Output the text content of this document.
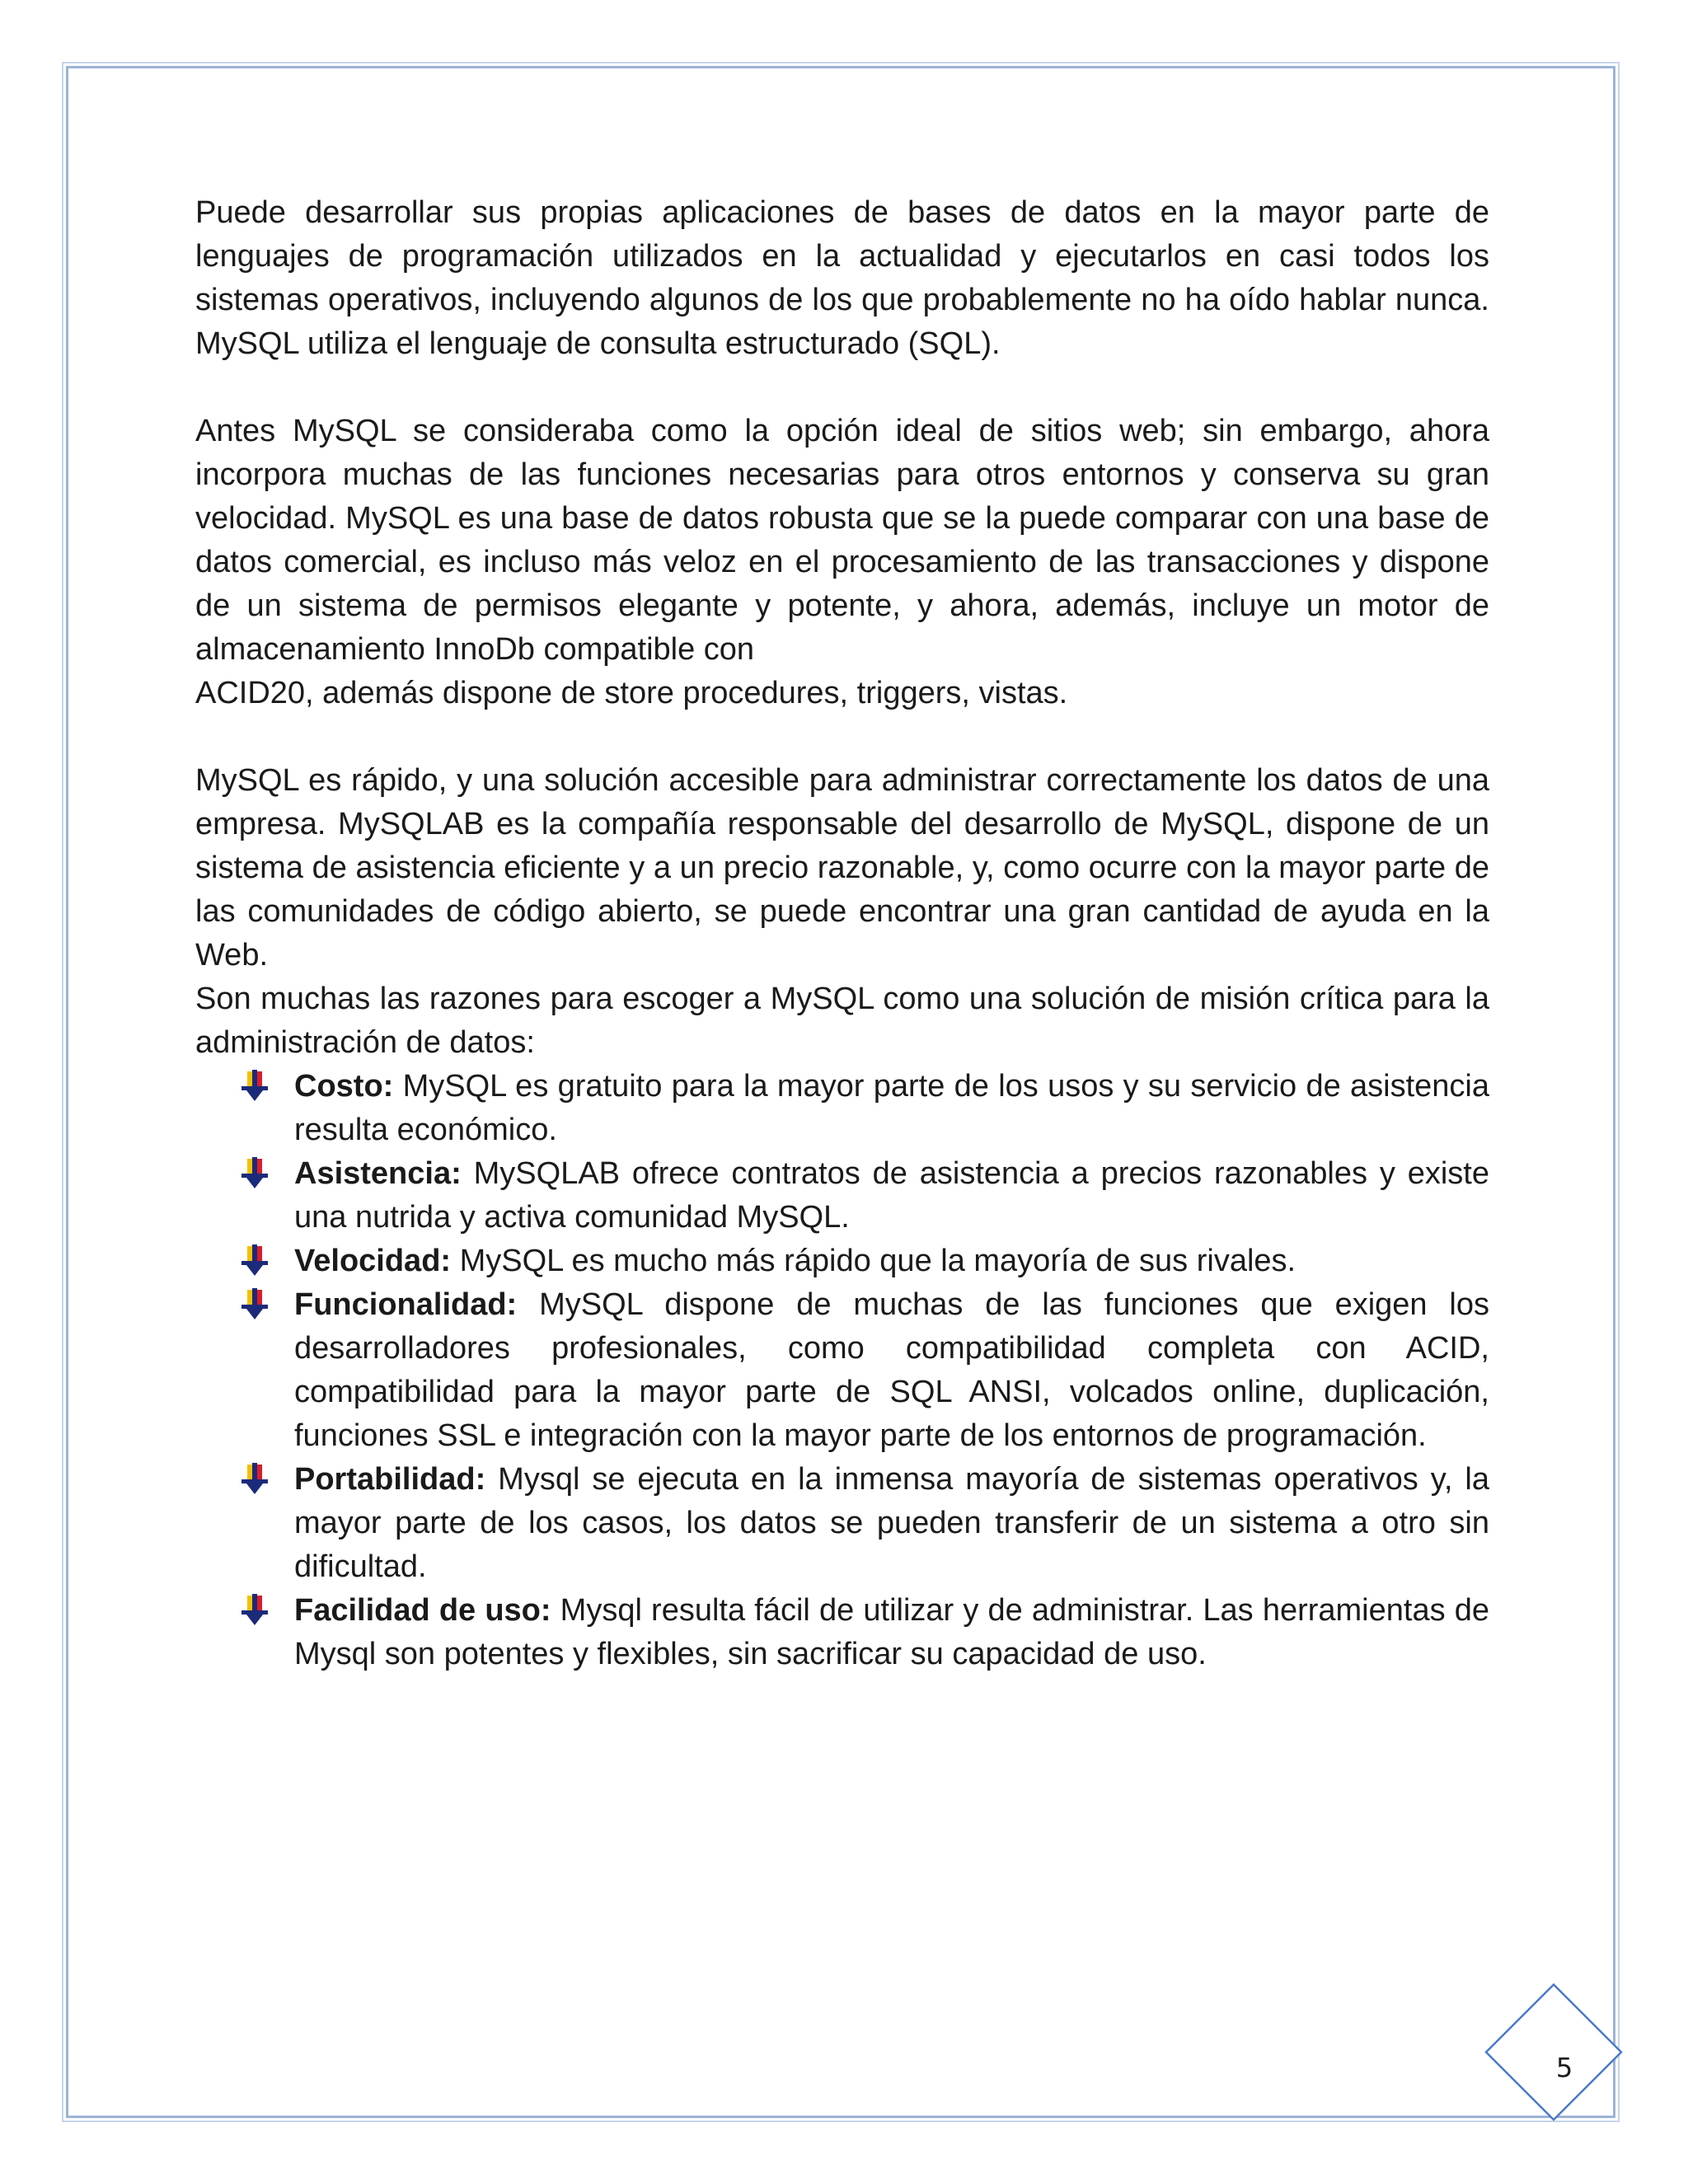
Puede desarrollar sus propias aplicaciones de bases de datos en la mayor parte de lenguajes de programación utilizados en la actualidad y ejecutarlos en casi todos los sistemas operativos, incluyendo algunos de los que probablemente no ha oído hablar nunca. MySQL utiliza el lenguaje de consulta estructurado (SQL).

Antes MySQL se consideraba como la opción ideal de sitios web; sin embargo, ahora incorpora muchas de las funciones necesarias para otros entornos y conserva su gran velocidad. MySQL es una base de datos robusta que se la puede comparar con una base de datos comercial, es incluso más veloz en el procesamiento de las transacciones y dispone de un sistema de permisos elegante y potente, y ahora, además, incluye un motor de almacenamiento InnoDb compatible con

ACID20, además dispone de store procedures, triggers, vistas.

MySQL es rápido, y una solución accesible para administrar correctamente los datos de una empresa. MySQLAB es la compañía responsable del desarrollo de MySQL, dispone de un sistema de asistencia eficiente y a un precio razonable, y, como ocurre con la mayor parte de las comunidades de código abierto, se puede encontrar una gran cantidad de ayuda en la Web.

Son muchas las razones para escoger a MySQL como una solución de misión crítica para la administración de datos:

Costo: MySQL es gratuito para la mayor parte de los usos y su servicio de asistencia resulta económico.
Asistencia: MySQLAB ofrece contratos de asistencia a precios razonables y existe una nutrida y activa comunidad MySQL.
Velocidad: MySQL es mucho más rápido que la mayoría de sus rivales.
Funcionalidad: MySQL dispone de muchas de las funciones que exigen los desarrolladores profesionales, como compatibilidad completa con ACID, compatibilidad para la mayor parte de SQL ANSI, volcados online, duplicación, funciones SSL e integración con la mayor parte de los entornos de programación.
Portabilidad: Mysql se ejecuta en la inmensa mayoría de sistemas operativos y, la mayor parte de los casos, los datos se pueden transferir de un sistema a otro sin dificultad.
Facilidad de uso: Mysql resulta fácil de utilizar y de administrar. Las herramientas de Mysql son potentes y flexibles, sin sacrificar su capacidad de uso.
5
